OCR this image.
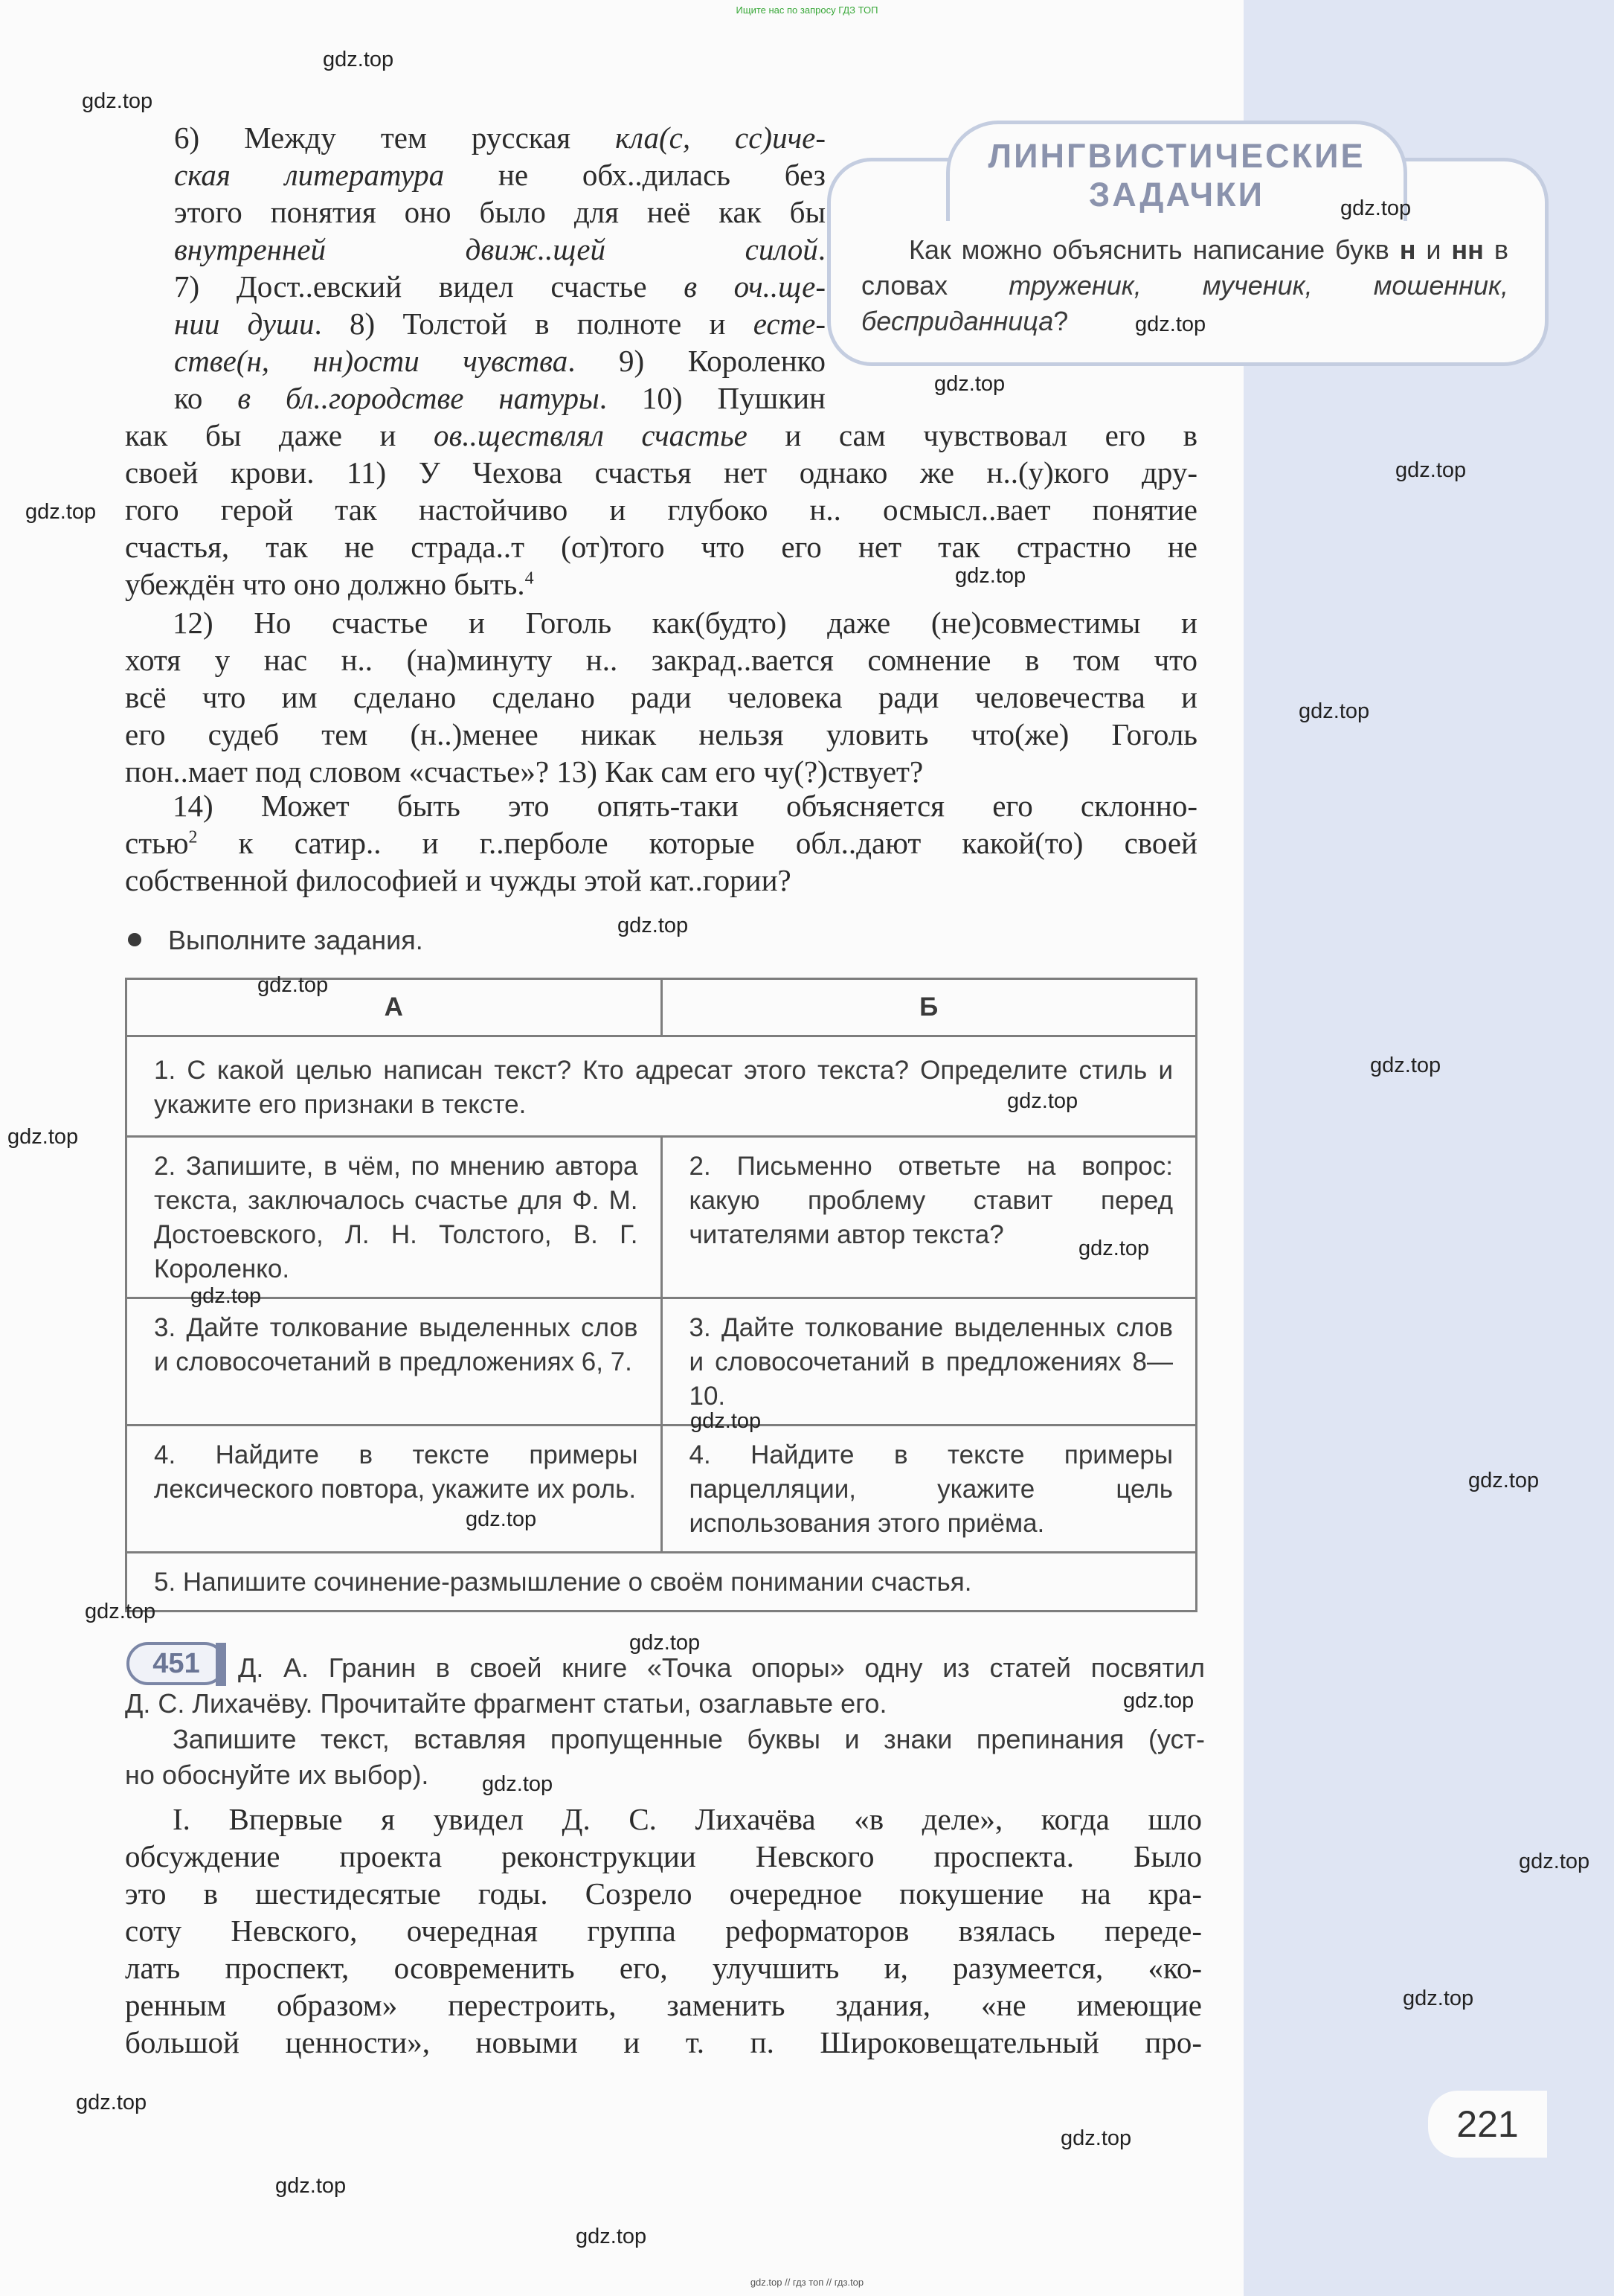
Ищите нас по запросу ГДЗ ТОП
ЛИНГВИСТИЧЕСКИЕ
ЗАДАЧКИ

Как можно объяснить написание букв н и нн в словах труженик, мученик, мошенник, бесприданница?

6) Между тем русская кла(с, сс)иче-

ская литература не обх..дилась без

этого понятия оно было для неё как бы

внутренней движ..щей силой.

7) Дост..евский видел счастье в оч..ще-

нии души. 8) Толстой в полноте и есте-

стве(н, нн)ости чувства. 9) Короленко

ко в бл..городстве натуры. 10) Пушкин

как бы даже и ов..ществлял счастье и сам чувствовал его в

своей крови. 11) У Чехова счастья нет однако же н..(у)кого дру-

гого герой так настойчиво и глубоко н.. осмысл..вает понятие

счастья, так не страда..т (от)того что его нет так страстно не

убеждён что оно должно быть.$^4$

12) Но счастье и Гоголь как(будто) даже (не)совместимы и

хотя у нас н.. (на)минуту н.. закрад..вается сомнение в том что

всё что им сделано сделано ради человека ради человечества и

его судеб тем (н..)менее никак нельзя уловить что(же) Гоголь

пон..мает под словом «счастье»? 13) Как сам его чу(?)ствует?

14) Может быть это опять-таки объясняется его склонно-

стью$^2$ к сатир.. и г..перболе которые обл..дают какой(то) своей

собственной философией и чужды этой кат..гории?

Выполните задания.
А	Б
1. С какой целью написан текст? Кто адресат этого текста? Определите стиль и укажите его признаки в тексте.	
2. Запишите, в чём, по мнению автора текста, заключалось счастье для Ф. М. Достоевского, Л. Н. Толстого, В. Г. Короленко.	2. Письменно ответьте на вопрос: какую проблему ставит перед читателями автор текста?
3. Дайте толкование выделенных слов и словосочетаний в предложениях 6, 7.	3. Дайте толкование выделенных слов и словосочетаний в предложениях 8—10.
4. Найдите в тексте примеры лексического повтора, укажите их роль.	4. Найдите в тексте примеры парцелляции, укажите цель использования этого приёма.
5. Напишите сочинение-размышление о своём понимании счастья.	
451	Д. А. Гранин в своей книге «Точка опоры» одну из статей посвятил
Д. С. Лихачёву. Прочитайте фрагмент статьи, озаглавьте его.
Запишите текст, вставляя пропущенные буквы и знаки препинания (уст-
но обоснуйте их выбор).

I. Впервые я увидел Д. С. Лихачёва «в деле», когда шло

обсуждение проекта реконструкции Невского проспекта. Было

это в шестидесятые годы. Созрело очередное покушение на кра-

соту Невского, очередная группа реформаторов взялась переде-

лать проспект, осовременить его, улучшить и, разумеется, «ко-

ренным образом» перестроить, заменить здания, «не имеющие

большой ценности», новыми и т. п. Широковещательный про-

221
gdz.top
gdz.top
gdz.top
gdz.top
gdz.top
gdz.top
gdz.top
gdz.top
gdz.top
gdz.top
gdz.top
gdz.top
gdz.top
gdz.top
gdz.top
gdz.top
gdz.top
gdz.top
gdz.top
gdz.top
gdz.top
gdz.top
gdz.top
gdz.top
gdz.top
gdz.top
gdz.top
gdz.top
gdz.top
gdz.top // гдз топ // гдз.top
